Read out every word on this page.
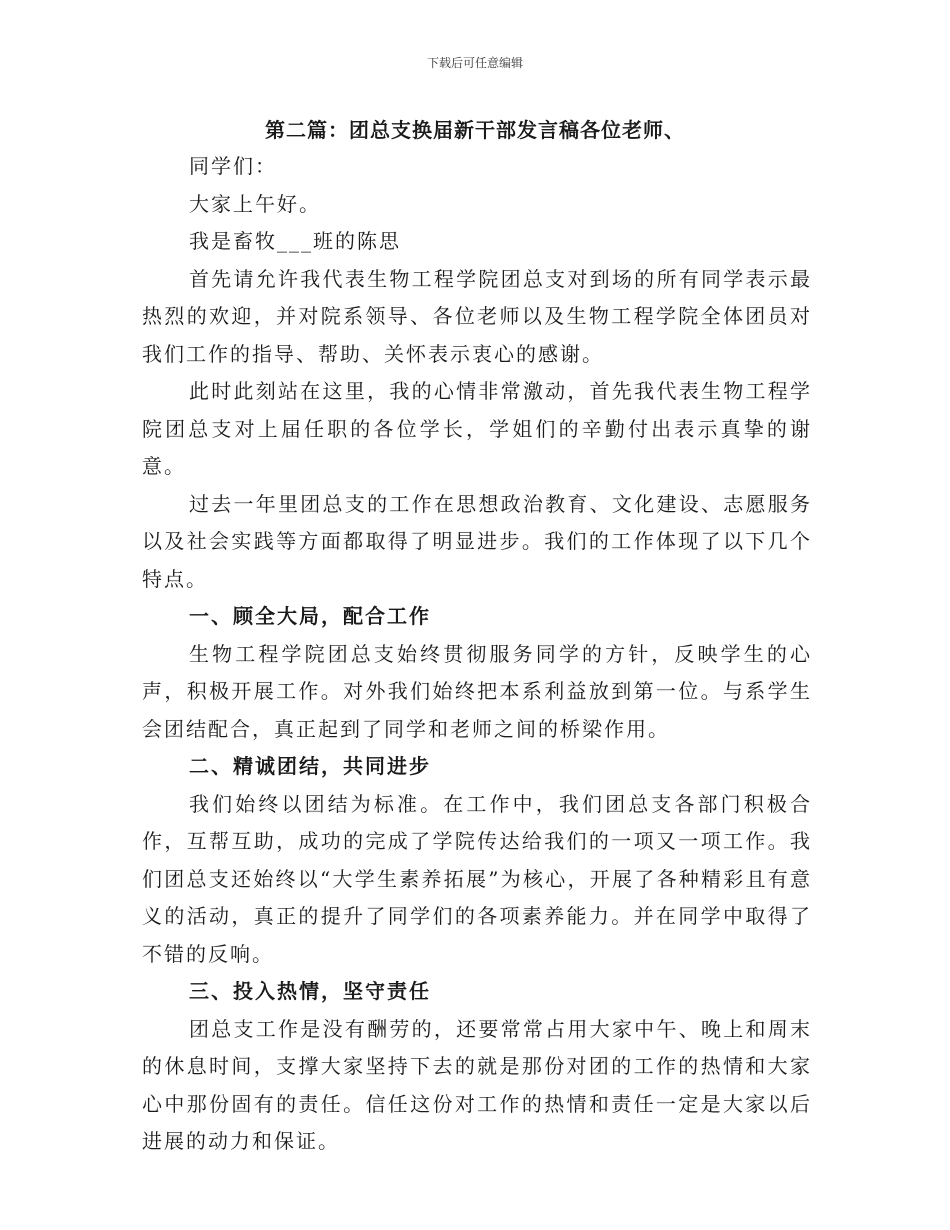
下载后可任意编辑
第二篇：团总支换届新干部发言稿各位老师、

同学们：

大家上午好。

我是畜牧___班的陈思

首先请允许我代表生物工程学院团总支对到场的所有同学表示最热烈的欢迎，并对院系领导、各位老师以及生物工程学院全体团员对我们工作的指导、帮助、关怀表示衷心的感谢。

此时此刻站在这里，我的心情非常激动，首先我代表生物工程学院团总支对上届任职的各位学长，学姐们的辛勤付出表示真挚的谢意。

过去一年里团总支的工作在思想政治教育、文化建设、志愿服务以及社会实践等方面都取得了明显进步。我们的工作体现了以下几个特点。

一、顾全大局，配合工作

生物工程学院团总支始终贯彻服务同学的方针，反映学生的心声，积极开展工作。对外我们始终把本系利益放到第一位。与系学生会团结配合，真正起到了同学和老师之间的桥梁作用。

二、精诚团结，共同进步

我们始终以团结为标准。在工作中，我们团总支各部门积极合作，互帮互助，成功的完成了学院传达给我们的一项又一项工作。我们团总支还始终以“大学生素养拓展”为核心，开展了各种精彩且有意义的活动，真正的提升了同学们的各项素养能力。并在同学中取得了不错的反响。

三、投入热情，坚守责任

团总支工作是没有酬劳的，还要常常占用大家中午、晚上和周末的休息时间，支撑大家坚持下去的就是那份对团的工作的热情和大家心中那份固有的责任。信任这份对工作的热情和责任一定是大家以后进展的动力和保证。
